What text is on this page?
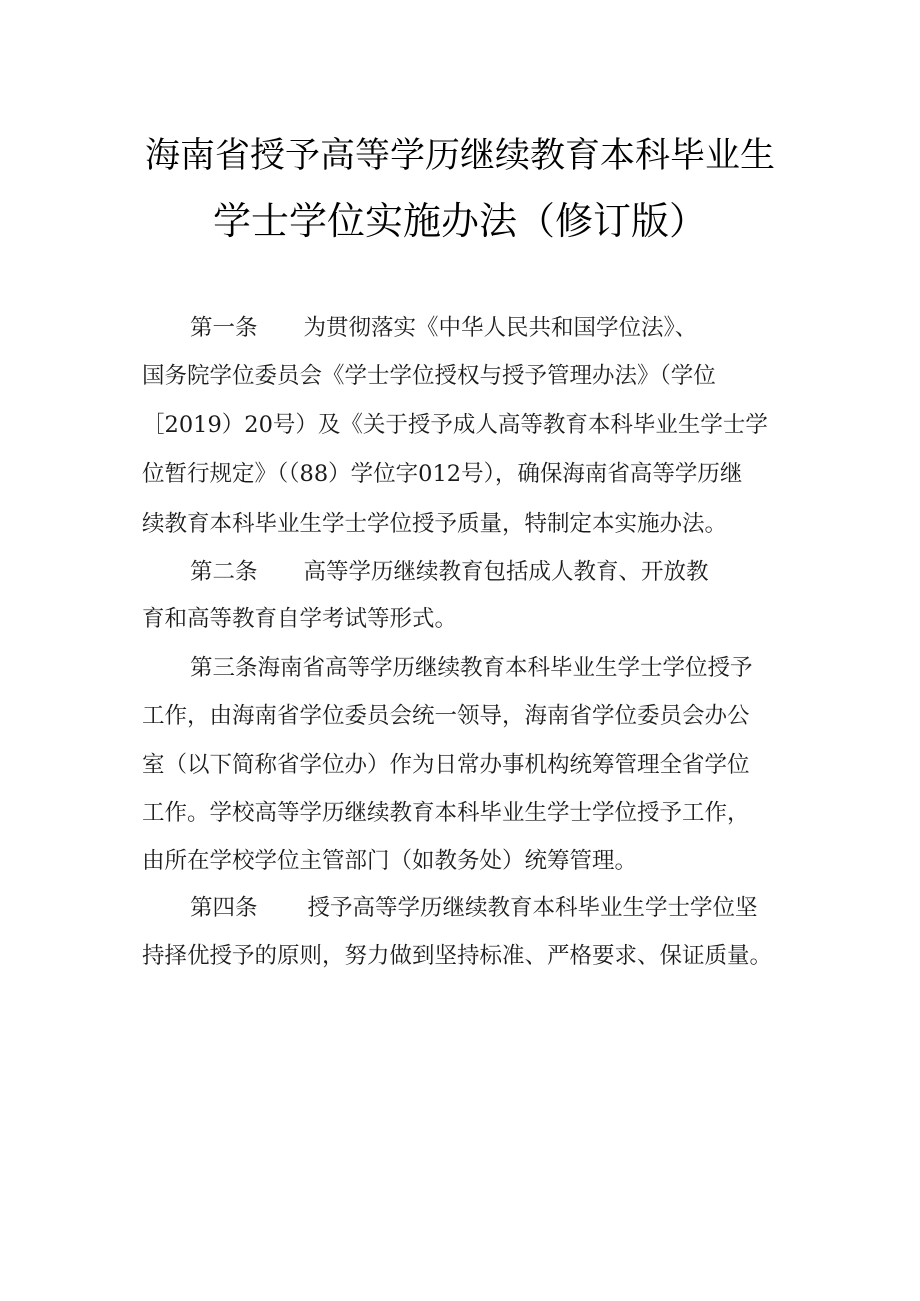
海南省授予高等学历继续教育本科毕业生
学士学位实施办法（修订版）
第一条 为贯彻落实《中华人民共和国学位法》、
国务院学位委员会《学士学位授权与授予管理办法》（学位
［2019）20号）及《关于授予成人高等教育本科毕业生学士学
位暂行规定》（（88）学位字012号），确保海南省高等学历继
续教育本科毕业生学士学位授予质量，特制定本实施办法。
第二条 高等学历继续教育包括成人教育、开放教
育和高等教育自学考试等形式。
第三条海南省高等学历继续教育本科毕业生学士学位授予
工作，由海南省学位委员会统一领导，海南省学位委员会办公
室（以下简称省学位办）作为日常办事机构统筹管理全省学位
工作。学校高等学历继续教育本科毕业生学士学位授予工作，
由所在学校学位主管部门（如教务处）统筹管理。
第四条 授予高等学历继续教育本科毕业生学士学位坚
持择优授予的原则，努力做到坚持标准、严格要求、保证质量。
